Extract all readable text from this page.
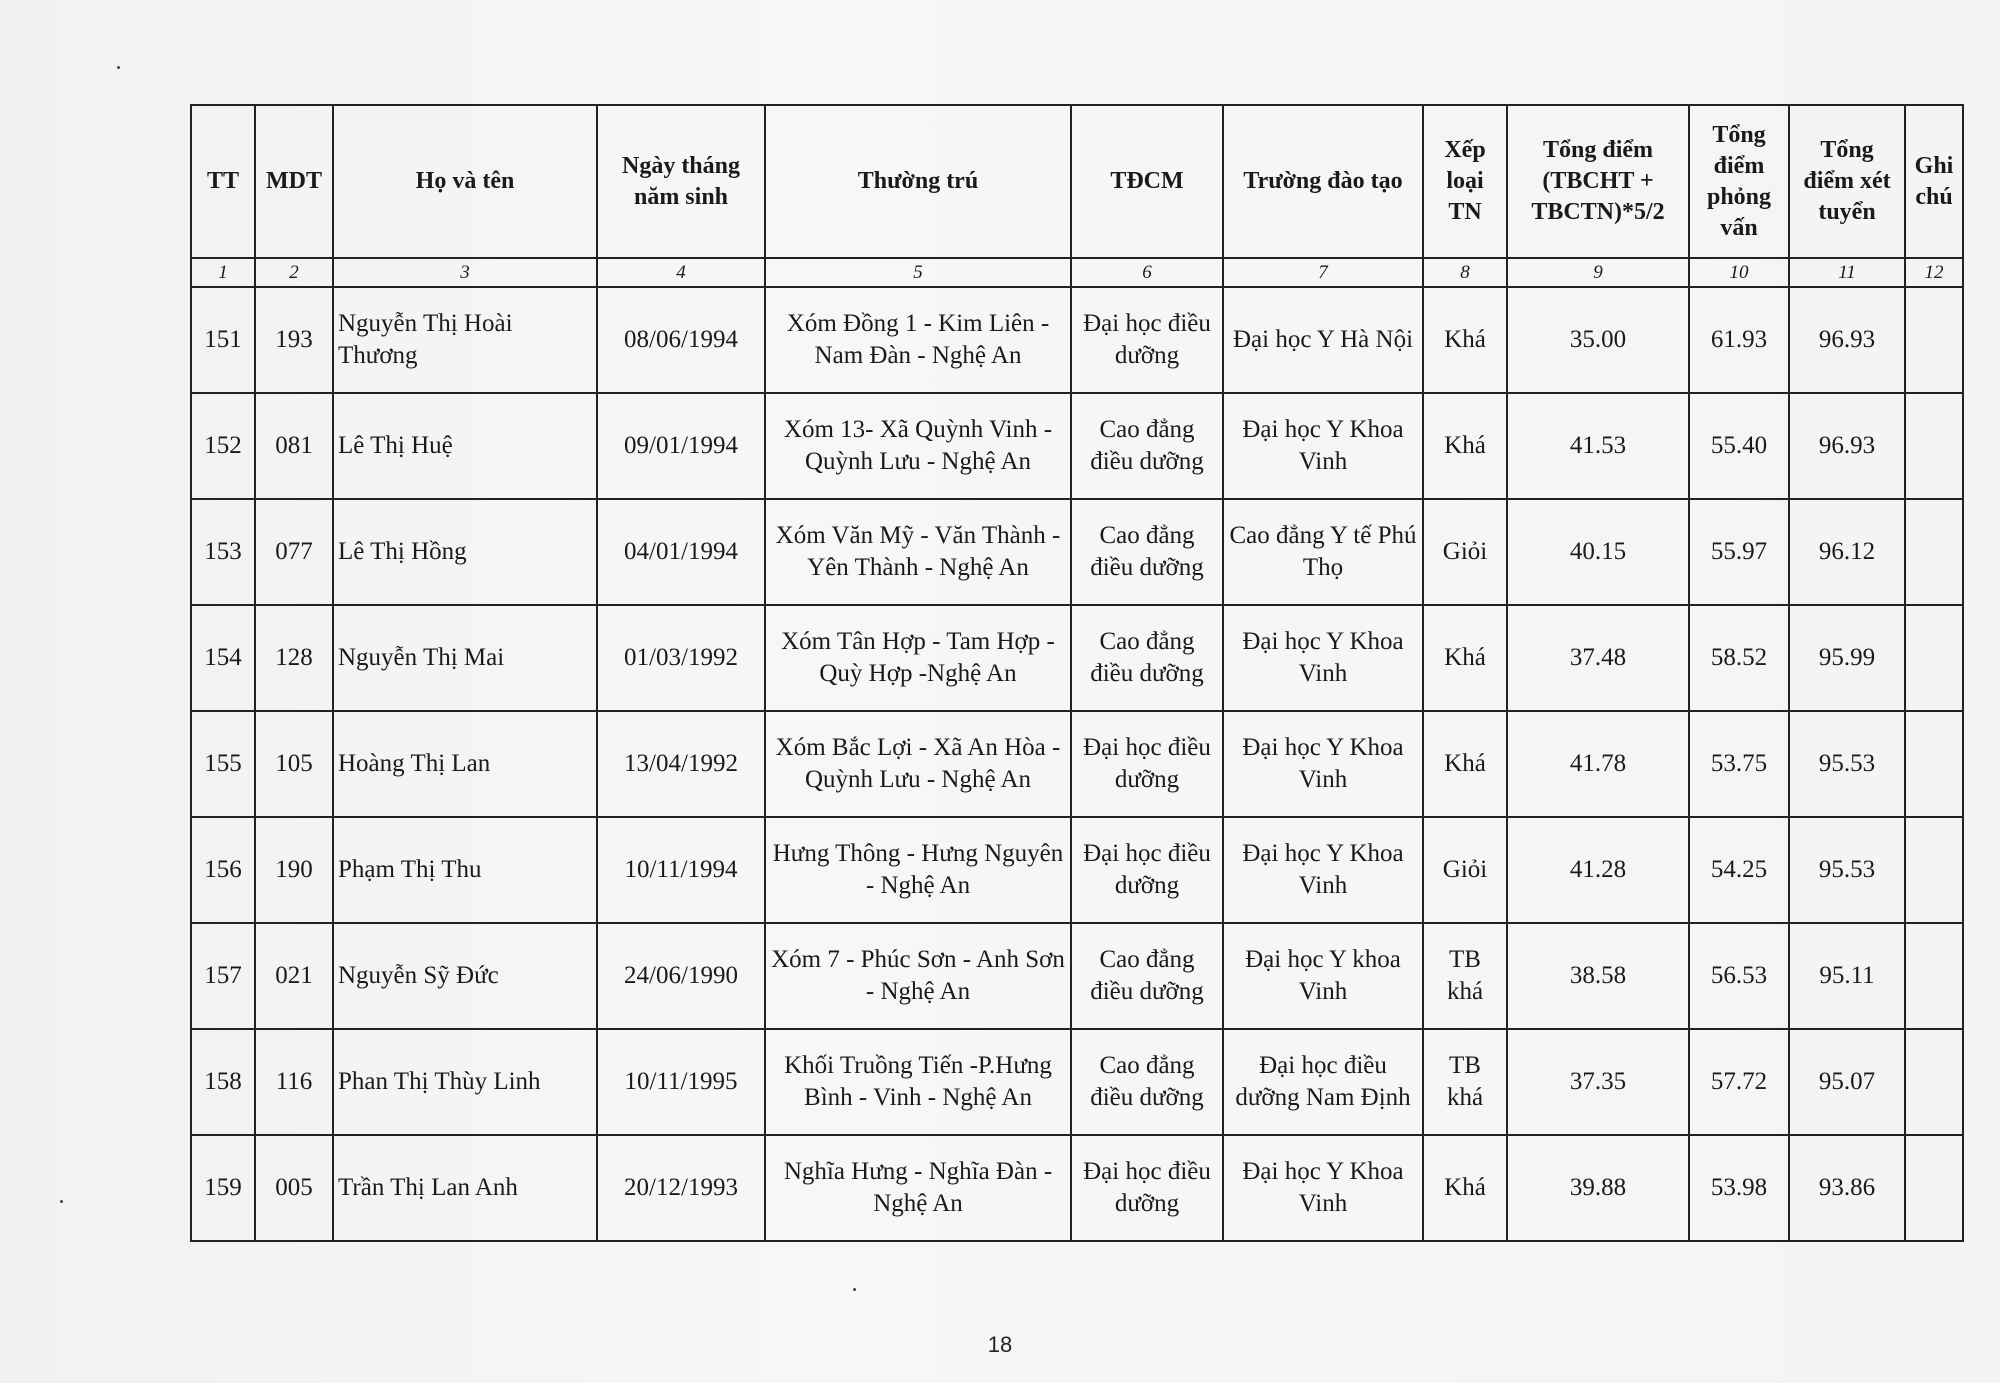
TT	MDT	Họ và tên	Ngày tháng năm sinh	Thường trú	TĐCM	Trường đào tạo	Xếp loại TN	Tổng điểm (TBCHT + TBCTN)*5/2	Tổng điểm phỏng vấn	Tổng điểm xét tuyển	Ghi chú
1	2	3	4	5	6	7	8	9	10	11	12
151	193	Nguyễn Thị Hoài Thương	08/06/1994	Xóm Đồng 1 - Kim Liên - Nam Đàn - Nghệ An	Đại học điều dưỡng	Đại học Y Hà Nội	Khá	35.00	61.93	96.93	
152	081	Lê Thị Huệ	09/01/1994	Xóm 13- Xã Quỳnh Vinh - Quỳnh Lưu - Nghệ An	Cao đẳng điều dưỡng	Đại học Y Khoa Vinh	Khá	41.53	55.40	96.93	
153	077	Lê Thị Hồng	04/01/1994	Xóm Văn Mỹ - Văn Thành - Yên Thành - Nghệ An	Cao đẳng điều dưỡng	Cao đẳng Y tế Phú Thọ	Giỏi	40.15	55.97	96.12	
154	128	Nguyễn Thị Mai	01/03/1992	Xóm Tân Hợp - Tam Hợp - Quỳ Hợp -Nghệ An	Cao đẳng điều dưỡng	Đại học Y Khoa Vinh	Khá	37.48	58.52	95.99	
155	105	Hoàng Thị Lan	13/04/1992	Xóm Bắc Lợi - Xã An Hòa - Quỳnh Lưu - Nghệ An	Đại học điều dưỡng	Đại học Y Khoa Vinh	Khá	41.78	53.75	95.53	
156	190	Phạm Thị Thu	10/11/1994	Hưng Thông - Hưng Nguyên - Nghệ An	Đại học điều dưỡng	Đại học Y Khoa Vinh	Giỏi	41.28	54.25	95.53	
157	021	Nguyễn Sỹ Đức	24/06/1990	Xóm 7 - Phúc Sơn - Anh Sơn - Nghệ An	Cao đẳng điều dưỡng	Đại học Y khoa Vinh	TB khá	38.58	56.53	95.11	
158	116	Phan Thị Thùy Linh	10/11/1995	Khối Truồng Tiến -P.Hưng Bình - Vinh - Nghệ An	Cao đẳng điều dưỡng	Đại học điều dưỡng Nam Định	TB khá	37.35	57.72	95.07	
159	005	Trần Thị Lan Anh	20/12/1993	Nghĩa Hưng - Nghĩa Đàn - Nghệ An	Đại học điều dưỡng	Đại học Y Khoa Vinh	Khá	39.88	53.98	93.86	
18
